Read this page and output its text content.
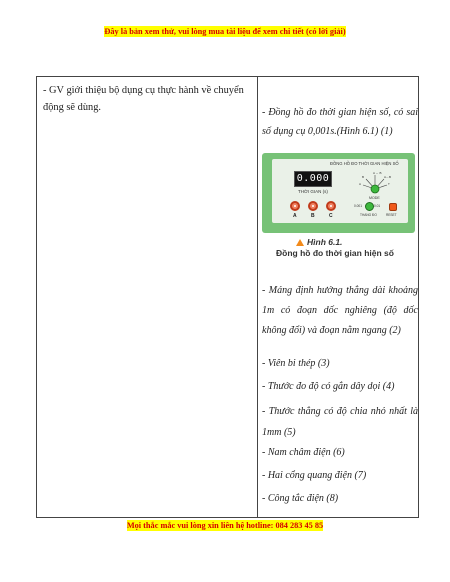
Đây là bản xem thử, vui lòng mua tài liệu để xem chi tiết (có lời giải)
- GV giới thiệu bộ dụng cụ thực hành về chuyển động sẽ dùng.	- Đồng hồ đo thời gian hiện số, có sai số dụng cụ 0,001s.(Hình 6.1) (1)
ĐỒNG HỒ ĐO THỜI GIAN HIỆN SỐ
0.000
THỜI GIAN (s)
A ↔ B
B
A
A↔B
T
MODE
A	B	C
0.001	0.01
THANG ĐO	RESET
Hình 6.1.
Đồng hồ đo thời gian hiện số
- Máng định hướng thẳng dài khoảng 1m có đoạn dốc nghiêng (độ dốc không đổi) và đoạn nằm ngang (2)
- Viên bi thép (3)
- Thước đo độ có gắn dây dọi (4)
- Thước thẳng có độ chia nhỏ nhất là 1mm (5)
- Nam châm điện (6)
- Hai cổng quang điện (7)
- Công tắc điện (8)
Mọi thắc mắc vui lòng xin liên hệ hotline: 084 283 45 85
